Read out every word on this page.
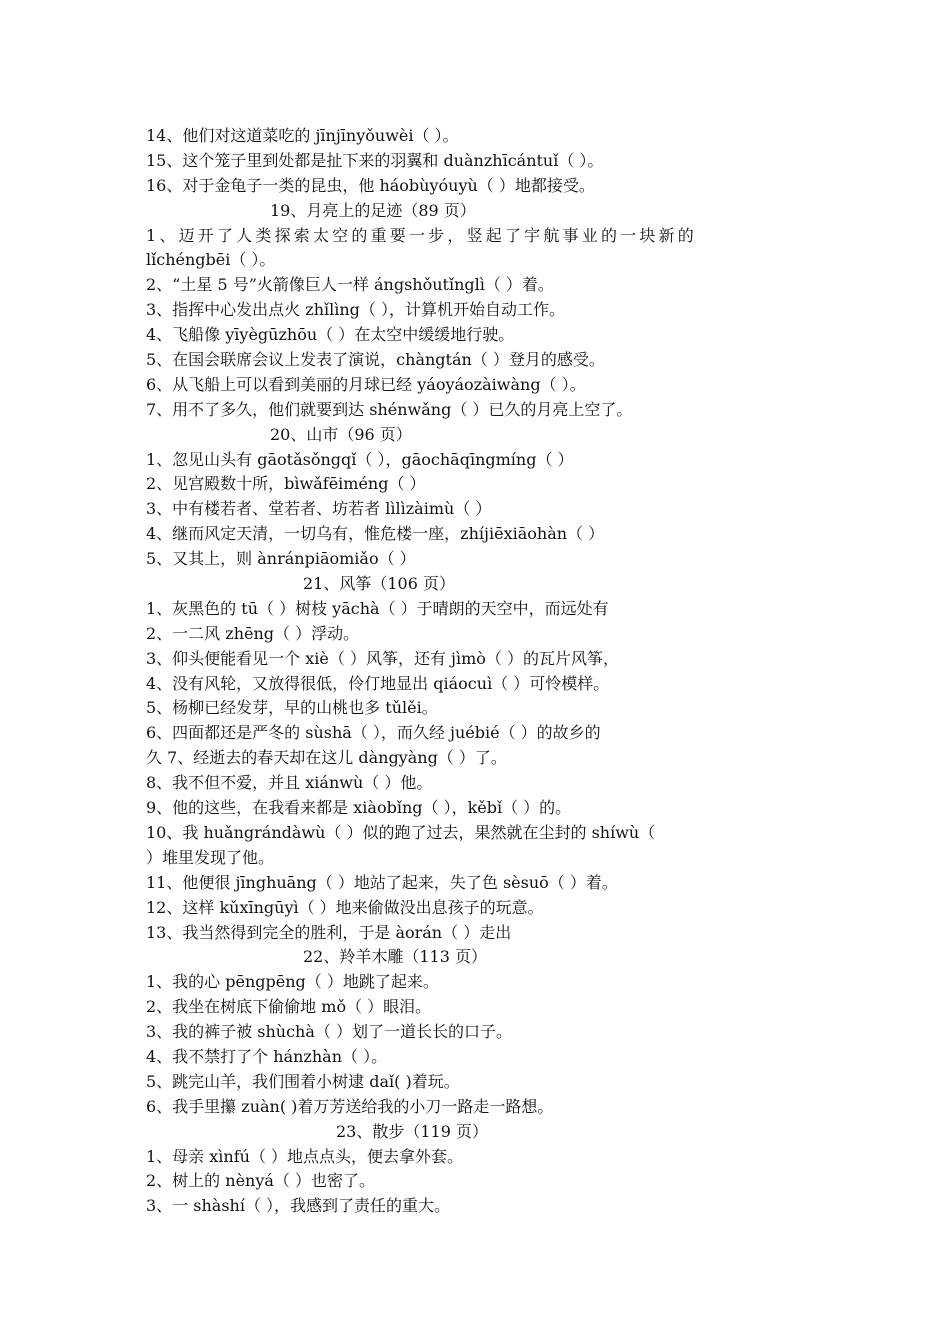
14、他们对这道菜吃的 jīnjīnyǒuwèi（ ）。
15、这个笼子里到处都是扯下来的羽翼和 duànzhīcántuǐ（ ）。
16、对于金龟子一类的昆虫，他 háobùyóuyù（ ）地都接受。
19、月亮上的足迹（89 页）
1、迈开了人类探索太空的重要一步，竖起了宇航事业的一块新的
lǐchéngbēi（ ）。
2、“土星 5 号”火箭像巨人一样 ángshǒutǐnglì（ ）着。
3、指挥中心发出点火 zhǐlìng（ ），计算机开始自动工作。
4、飞船像 yīyègūzhōu（ ）在太空中缓缓地行驶。
5、在国会联席会议上发表了演说，chàngtán（ ）登月的感受。
6、从飞船上可以看到美丽的月球已经 yáoyáozàiwàng（ ）。
7、用不了多久，他们就要到达 shénwǎng（ ）已久的月亮上空了。
20、山市（96 页）
1、忽见山头有 gāotǎsǒngqǐ（ ），gāochāqīngmíng（ ）
2、见宫殿数十所，bìwǎfēiméng（ ）
3、中有楼若者、堂若者、坊若者 lìlìzàimù（ ）
4、继而风定天清，一切乌有，惟危楼一座，zhíjiēxiāohàn（ ）
5、又其上，则 ànránpiāomiǎo（ ）
21、风筝（106 页）
1、灰黑色的 tū（ ）树枝 yāchà（ ）于晴朗的天空中，而远处有
2、一二风 zhēng（ ）浮动。
3、仰头便能看见一个 xiè（ ）风筝，还有 jìmò（ ）的瓦片风筝，
4、没有风轮，又放得很低，伶仃地显出 qiáocuì（ ）可怜模样。
5、杨柳已经发芽，早的山桃也多 tǔlěi。
6、四面都还是严冬的 sùshā（ ），而久经 juébié（ ）的故乡的
久 7、经逝去的春天却在这儿 dàngyàng（ ）了。
8、我不但不爱，并且 xiánwù（ ）他。
9、他的这些，在我看来都是 xiàobǐng（ ），kěbǐ（ ）的。
10、我 huǎngrándàwù（ ）似的跑了过去，果然就在尘封的 shíwù（
）堆里发现了他。
11、他便很 jīnghuāng（ ）地站了起来，失了色 sèsuō（ ）着。
12、这样 kǔxīngūyì（ ）地来偷做没出息孩子的玩意。
13、我当然得到完全的胜利，于是 àorán（ ）走出
22、羚羊木雕（113 页）
1、我的心 pēngpēng（ ）地跳了起来。
2、我坐在树底下偷偷地 mǒ（ ）眼泪。
3、我的裤子被 shùchà（ ）划了一道长长的口子。
4、我不禁打了个 hánzhàn（ ）。
5、跳完山羊，我们围着小树逮 daǐ( )着玩。
6、我手里攥 zuàn( )着万芳送给我的小刀一路走一路想。
23、散步（119 页）
1、母亲 xìnfú（ ）地点点头，便去拿外套。
2、树上的 nènyá（ ）也密了。
3、一 shàshí（ ），我感到了责任的重大。
